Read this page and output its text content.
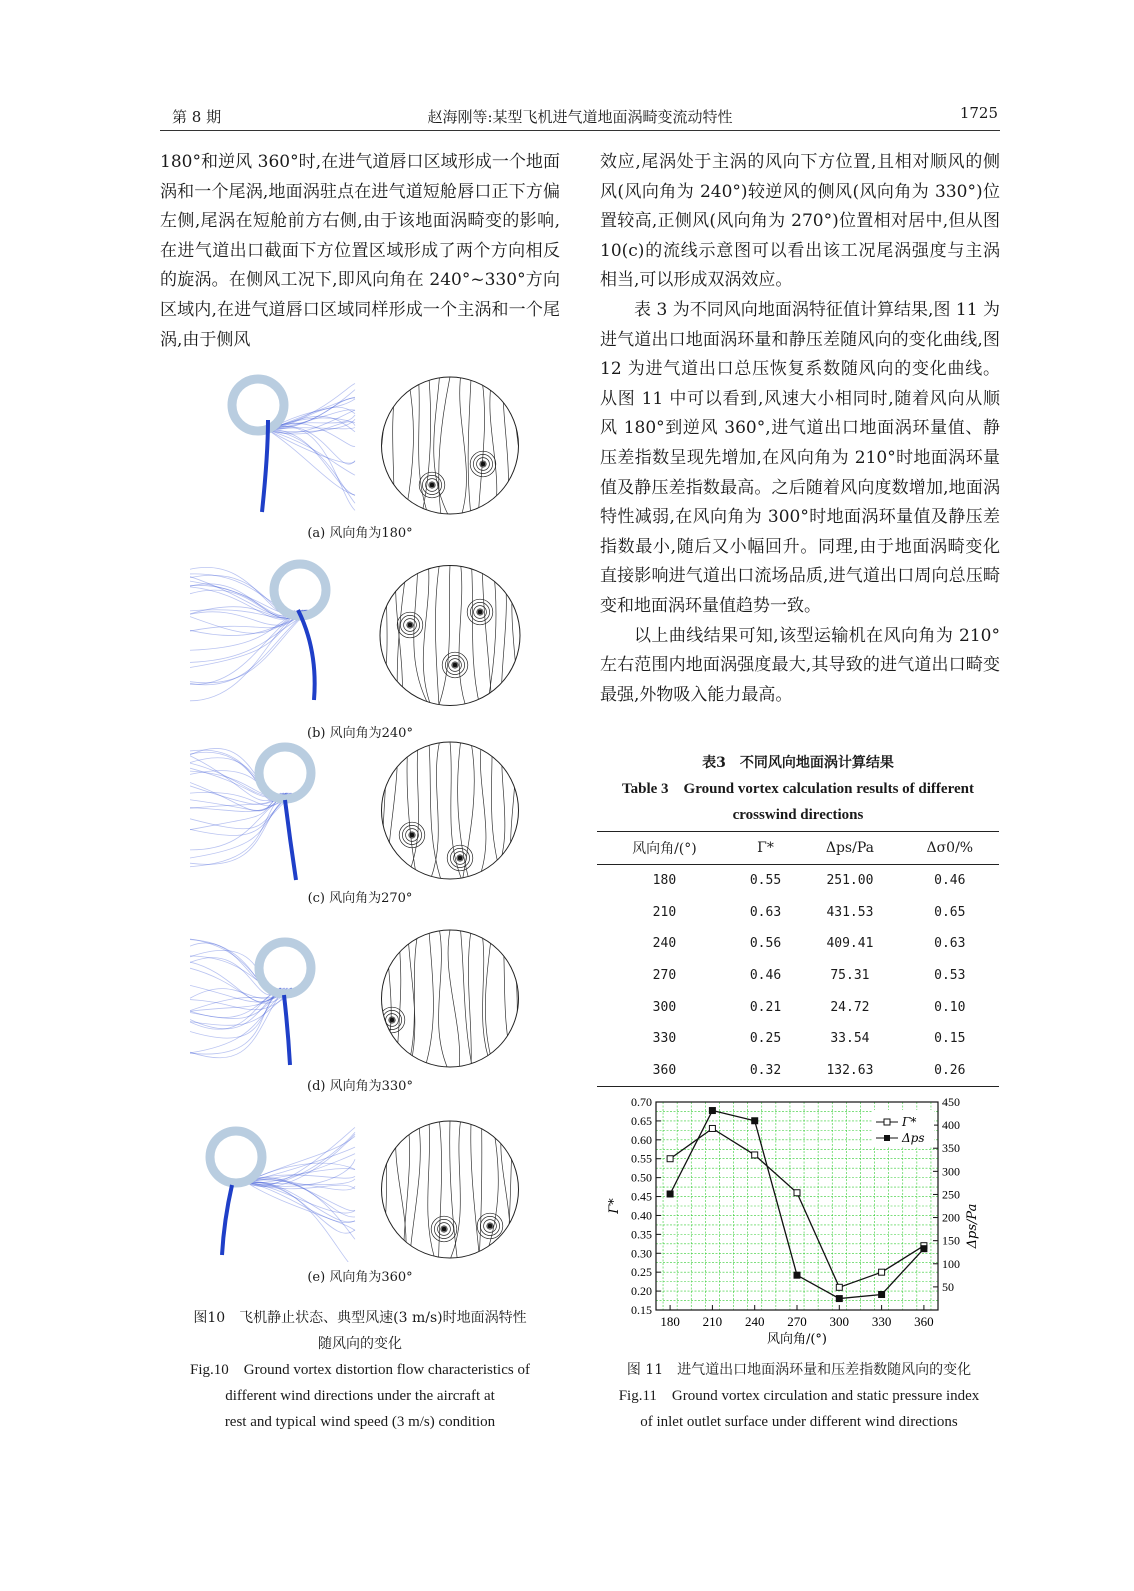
第 8 期	赵海刚等:某型飞机进气道地面涡畸变流动特性	1725

180°和逆风 360°时,在进气道唇口区域形成一个地面涡和一个尾涡,地面涡驻点在进气道短舱唇口正下方偏左侧,尾涡在短舱前方右侧,由于该地面涡畸变的影响,在进气道出口截面下方位置区域形成了两个方向相反的旋涡。在侧风工况下,即风向角在 240°~330°方向区域内,在进气道唇口区域同样形成一个主涡和一个尾涡,由于侧风

效应,尾涡处于主涡的风向下方位置,且相对顺风的侧风(风向角为 240°)较逆风的侧风(风向角为 330°)位置较高,正侧风(风向角为 270°)位置相对居中,但从图 10(c)的流线示意图可以看出该工况尾涡强度与主涡相当,可以形成双涡效应。

表 3 为不同风向地面涡特征值计算结果,图 11 为进气道出口地面涡环量和静压差随风向的变化曲线,图 12 为进气道出口总压恢复系数随风向的变化曲线。从图 11 中可以看到,风速大小相同时,随着风向从顺风 180°到逆风 360°,进气道出口地面涡环量值、静压差指数呈现先增加,在风向角为 210°时地面涡环量值及静压差指数最高。之后随着风向度数增加,地面涡特性减弱,在风向角为 300°时地面涡环量值及静压差指数最小,随后又小幅回升。同理,由于地面涡畸变化直接影响进气道出口流场品质,进气道出口周向总压畸变和地面涡环量值趋势一致。

以上曲线结果可知,该型运输机在风向角为 210°左右范围内地面涡强度最大,其导致的进气道出口畸变最强,外物吸入能力最高。

(a) 风向角为180°
(b) 风向角为240°
(c) 风向角为270°
(d) 风向角为330°
(e) 风向角为360°
图10　飞机静止状态、典型风速(3 m/s)时地面涡特性
随风向的变化
Fig.10　Ground vortex distortion flow characteristics of
different wind directions under the aircraft at
rest and typical wind speed (3 m/s) condition
表3　不同风向地面涡计算结果
Table 3　Ground vortex calculation results of different
crosswind directions
风向角/(°)	Γ*	Δps/Pa	Δσ0/%
180	0.55	251.00	0.46
210	0.63	431.53	0.65
240	0.56	409.41	0.63
270	0.46	75.31	0.53
300	0.21	24.72	0.10
330	0.25	33.54	0.15
360	0.32	132.63	0.26
0.15
0.20
0.25
0.30
0.35
0.40
0.45
0.50
0.55
0.60
0.65
0.70
50
100
150
200
250
300
350
400
450
180 210 240 270 300 330 360
风向角/(°)
Γ*	Δps/Pa
Γ*
Δps
图 11　进气道出口地面涡环量和压差指数随风向的变化
Fig.11　Ground vortex circulation and static pressure index
of inlet outlet surface under different wind directions
